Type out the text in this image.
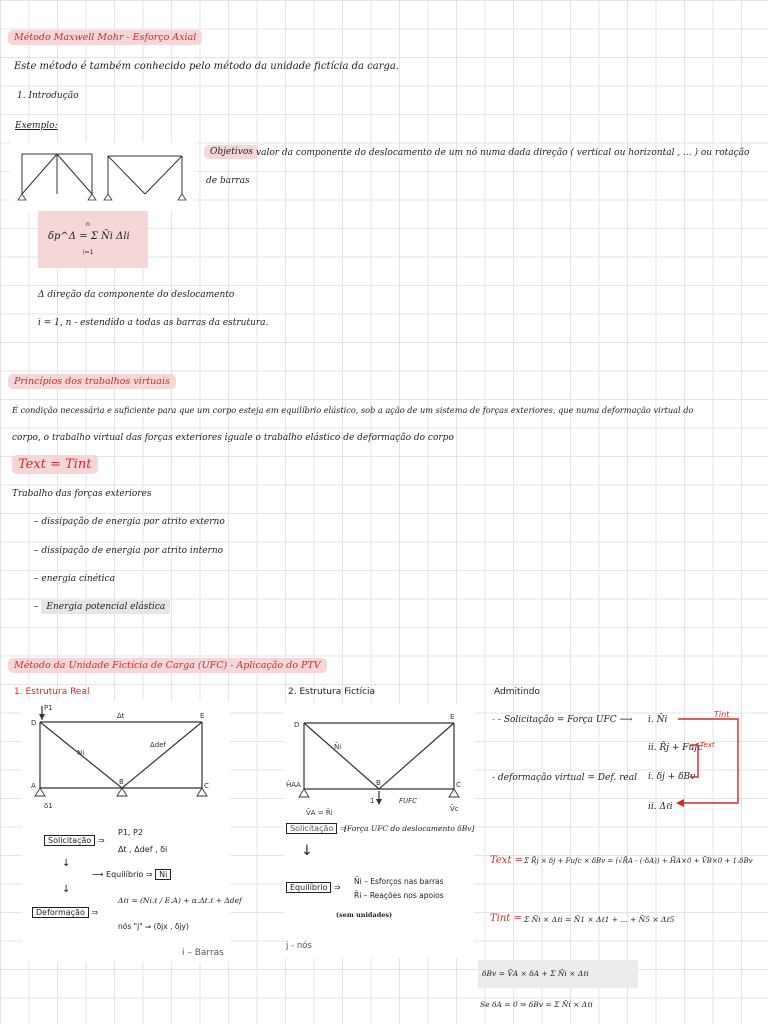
Método Maxwell Mohr - Esforço Axial
Este método é também conhecido pelo método da unidade fictícia da carga.
1. Introdução
Exemplo:
Objetivos valor da componente do deslocamento de um nó numa dada direção ( vertical ou horizontal , ... ) ou rotação
de barras
δp^Δ = Σ N̄i Δli
n
i=1
Δ direção da componente do deslocamento
i = 1, n - estendido a todas as barras da estrutura.
Princípios dos trabalhos virtuais
É condição necessária e suficiente para que um corpo esteja em equilíbrio elástico, sob a ação de um sistema de forças exteriores, que numa deformação virtual do
corpo, o trabalho virtual das forças exteriores iguale o trabalho elástico de deformação do corpo
Text = Tint
Trabalho das forças exteriores
– dissipação de energia por atrito externo
– dissipação de energia por atrito interno
– energia cinética
– Energia potencial elástica
Método da Unidade Fictícia de Carga (UFC) - Aplicação do PTV
1. Estrutura Real	2. Estrutura Fictícia	Admitindo
P1
Δt
Δdef
Ni
D
E
A	B	C
δ1
Solicitação ⇒
P1, P2
Δt , Δdef , δi
↓
⟶ Equilíbrio ⇒ Ni
↓
Deformação ⇒
Δℓi = (Ni.ℓ / E.A) + α.Δt.ℓ + Δdef
nós "j" ⇒ (δjx , δjy)
i – Barras
D
E
N̄i
H̄A A	B	C
1	FUFC
V̄A = R̄i	V̄c
Solicitação ⇒
[Força UFC do deslocamento δBv]
↓
Equilíbrio ⇒
N̄i – Esforços nas barras
R̄i – Reações nos apoios
(sem unidades)
j - nós
- - Solicitação = Força UFC ⟶ i. N̄i
ii. R̄j + Fufc
- deformação virtual = Def. real i. δj + δBv
ii. Δℓi
Tint
Text
Text = Σ R̄j × δj + Fufc × δBv = (√R̄A - (-δA)) + H̄A×0 + V̄B×0 + 1.δBv
Tint = Σ N̄i × Δℓi = N̄1 × Δℓ1 + ... + N̄5 × Δℓ5
δBv = V̄A × δA + Σ N̄i × Δℓi
Se δA = 0 ⇒ δBv = Σ N̄i × Δℓi
